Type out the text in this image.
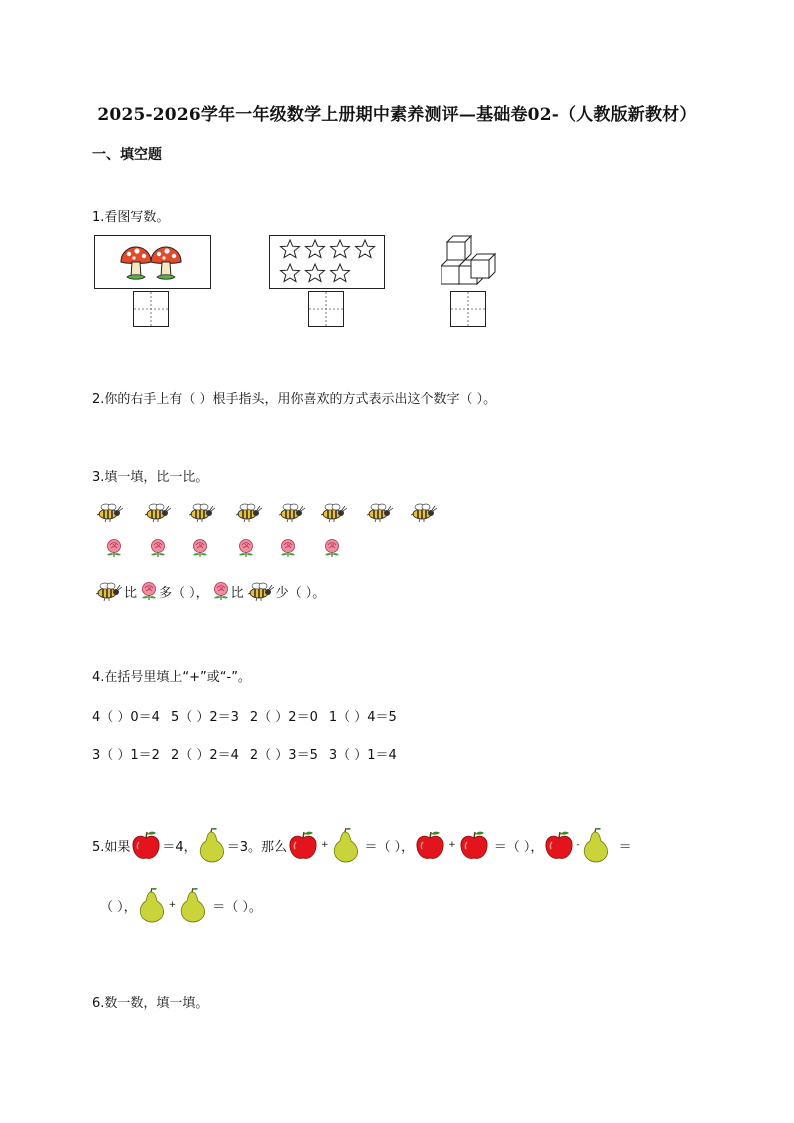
2025-2026学年一年级数学上册期中素养测评—基础卷02-（人教版新教材）
一、填空题
1.看图写数。
2.你的右手上有（ ）根手指头，用你喜欢的方式表示出这个数字（ ）。
3.填一填，比一比。
比 多（ ）， 比 少（ ）。
4.在括号里填上“+”或“-”。
4（ ）0＝4 5（ ）2＝3 2（ ）2＝0 1（ ）4＝5
3（ ）1＝2 2（ ）2＝4 2（ ）3＝5 3（ ）1＝4
5.如果 ＝4， ＝3。那么	+	＝（ ），	+	＝（ ），	-	＝
（ ），	+	＝（ ）。
6.数一数，填一填。
